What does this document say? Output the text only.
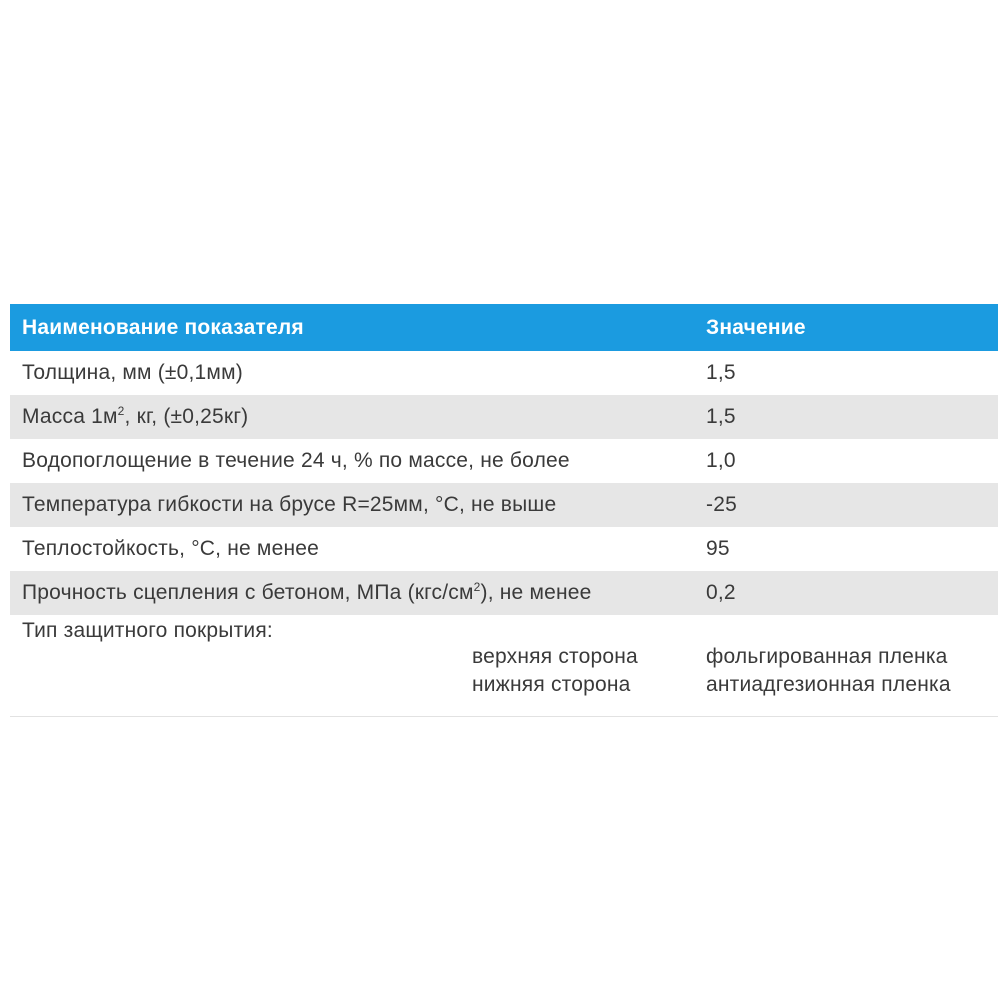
Наименование показателя	Значение
Толщина, мм (±0,1мм)	1,5
Масса $1м^2$, кг, (±0,25кг)	1,5
Водопоглощение в течение 24 ч, % по массе, не более	1,0
Температура гибкости на брусе R=25мм, °С, не выше	-25
Теплостойкость, °С, не менее	95
Прочность сцепления с бетоном, МПа $(кгс/см^2)$, не менее	0,2
Тип защитного покрытия:
верхняя сторона	фольгированная пленка
нижняя сторона	антиадгезионная пленка
